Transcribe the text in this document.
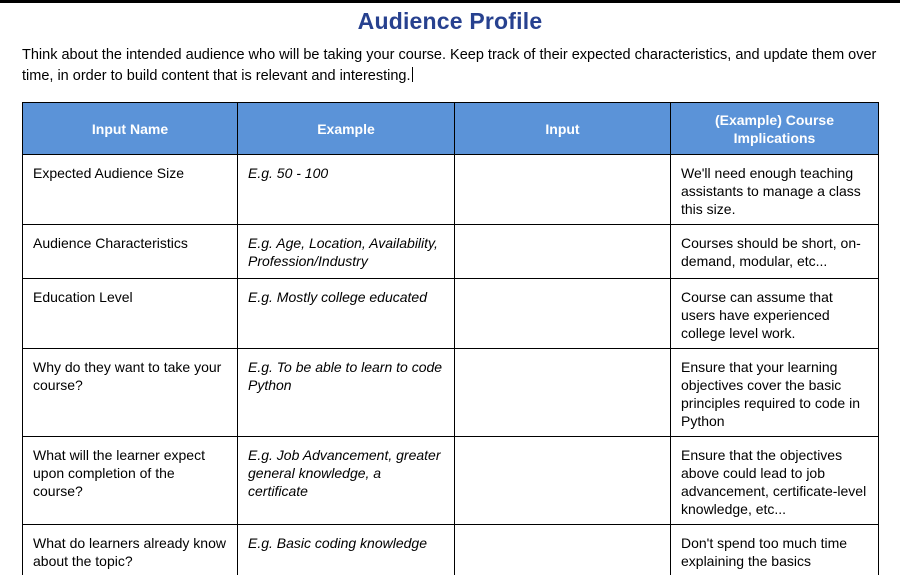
Audience Profile

Think about the intended audience who will be taking your course. Keep track of their expected characteristics, and update them over time, in order to build content that is relevant and interesting.

Input Name	Example	Input	(Example) Course Implications
Expected Audience Size	E.g. 50 - 100		We'll need enough teaching assistants to manage a class this size.
Audience Characteristics	E.g. Age, Location, Availability, Profession/Industry		Courses should be short, on-demand, modular, etc...
Education Level	E.g. Mostly college educated		Course can assume that users have experienced college level work.
Why do they want to take your course?	E.g. To be able to learn to code Python		Ensure that your learning objectives cover the basic principles required to code in Python
What will the learner expect upon completion of the course?	E.g. Job Advancement, greater general knowledge, a certificate		Ensure that the objectives above could lead to job advancement, certificate-level knowledge, etc...
What do learners already know about the topic?	E.g. Basic coding knowledge		Don't spend too much time explaining the basics
